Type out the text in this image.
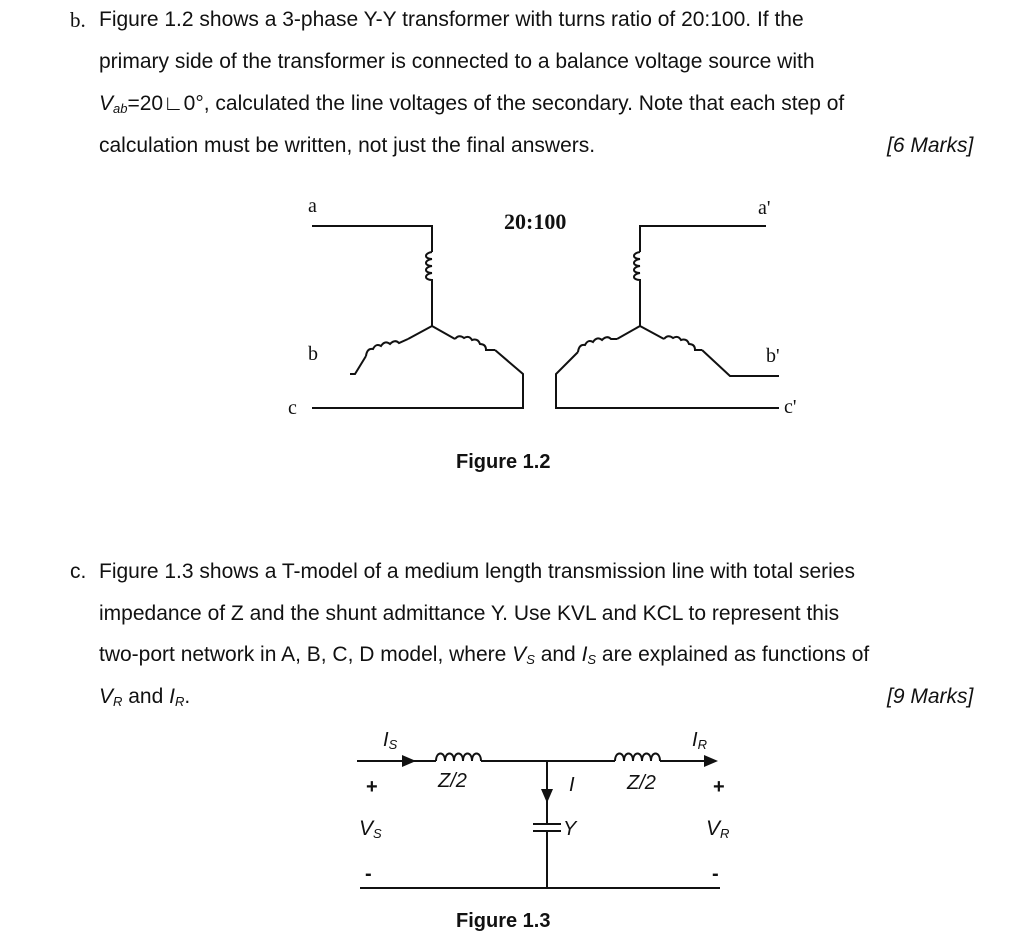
b. Figure 1.2 shows a 3-phase Y-Y transformer with turns ratio of 20:100. If the
primary side of the transformer is connected to a balance voltage source with
$V_{ab}=20∟0^\circ$, calculated the line voltages of the secondary. Note that each step of
calculation must be written, not just the final answers.	[6 Marks]
a
b
c
a'
b'
c'
20:100
Figure 1.2
c. Figure 1.3 shows a T-model of a medium length transmission line with total series
impedance of Z and the shunt admittance Y. Use KVL and KCL to represent this
two-port network in A, B, C, D model, where $V_S$ and $I_S$ are explained as functions of
$V_R$ and $I_R$.	[9 Marks]
$I_S$	$I_R$
Z/2	Z/2
I
Y
+	+
$V_S$	$V_R$
-	-
Figure 1.3
